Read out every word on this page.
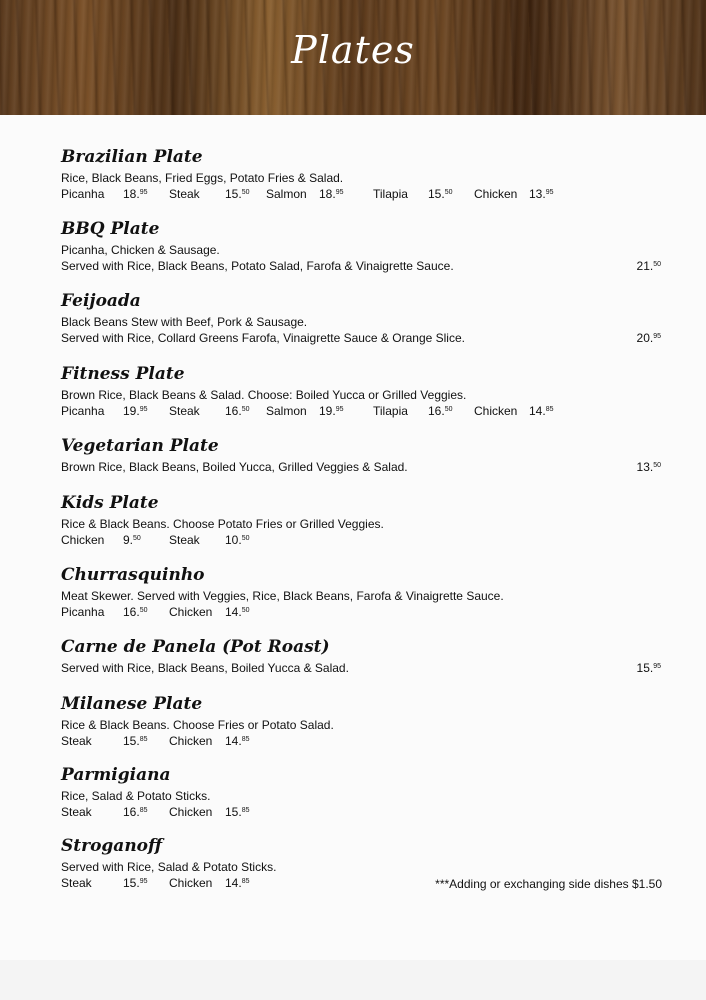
Plates
Brazilian Plate
Rice, Black Beans, Fried Eggs, Potato Fries & Salad.
Picanha 18.95 Steak 15.50 Salmon 18.95 Tilapia 15.50 Chicken 13.95
BBQ Plate
Picanha, Chicken & Sausage.
Served with Rice, Black Beans, Potato Salad, Farofa & Vinaigrette Sauce.	21.50
Feijoada
Black Beans Stew with Beef, Pork & Sausage.
Served with Rice, Collard Greens Farofa, Vinaigrette Sauce & Orange Slice.	20.95
Fitness Plate
Brown Rice, Black Beans & Salad. Choose: Boiled Yucca or Grilled Veggies.
Picanha 19.95 Steak 16.50 Salmon 19.95 Tilapia 16.50 Chicken 14.85
Vegetarian Plate
Brown Rice, Black Beans, Boiled Yucca, Grilled Veggies & Salad.	13.50
Kids Plate
Rice & Black Beans. Choose Potato Fries or Grilled Veggies.
Chicken 9.50 Steak 10.50
Churrasquinho
Meat Skewer. Served with Veggies, Rice, Black Beans, Farofa & Vinaigrette Sauce.
Picanha 16.50 Chicken 14.50
Carne de Panela (Pot Roast)
Served with Rice, Black Beans, Boiled Yucca & Salad.	15.95
Milanese Plate
Rice & Black Beans. Choose Fries or Potato Salad.
Steak	15.85 Chicken 14.85
Parmigiana
Rice, Salad & Potato Sticks.
Steak	16.85 Chicken 15.85
Stroganoff
Served with Rice, Salad & Potato Sticks.
Steak	15.95 Chicken 14.85	***Adding or exchanging side dishes $1.50
